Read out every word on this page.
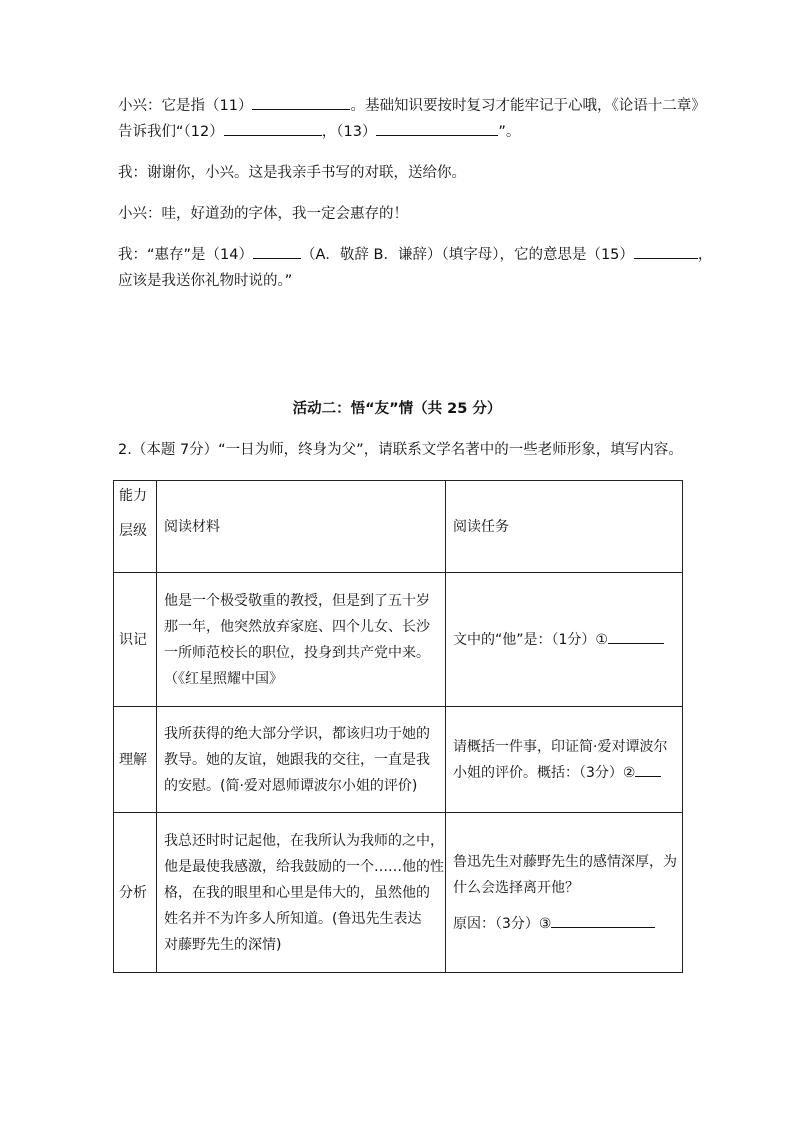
小兴：它是指（11）	。基础知识要按时复习才能牢记于心哦，《论语十二章》
告诉我们“（12）	，（13）	”。
我：谢谢你，小兴。这是我亲手书写的对联，送给你。
小兴：哇，好道劲的字体，我一定会惠存的！
我：“惠存”是（14）	（A．敬辞 B．谦辞）（填字母），它的意思是（15）	，
应该是我送你礼物时说的。”
活动二：悟“友”情（共 25 分）
2.（本题 7分）“一日为师，终身为父”，请联系文学名著中的一些老师形象，填写内容。
能力
层级	阅读材料	阅读任务
识记	他是一个极受敬重的教授，但是到了五十岁
那一年，他突然放弃家庭、四个儿女、长沙
一所师范校长的职位，投身到共产党中来。
（《红星照耀中国》	文中的“他”是：（1分）①

理解	我所获得的绝大部分学识，都该归功于她的
教导。她的友谊，她跟我的交往，一直是我
的安慰。(简·爱对恩师谭波尔小姐的评价)	请概括一件事，印证简·爱对谭波尔
小姐的评价。概括：（3分）②

分析	我总还时时记起他，在我所认为我师的之中，
他是最使我感激，给我鼓励的一个……他的性
格，在我的眼里和心里是伟大的，虽然他的
姓名并不为许多人所知道。(鲁迅先生表达
对藤野先生的深情)	鲁迅先生对藤野先生的感情深厚，为
什么会选择离开他？
原因：（3分）③
